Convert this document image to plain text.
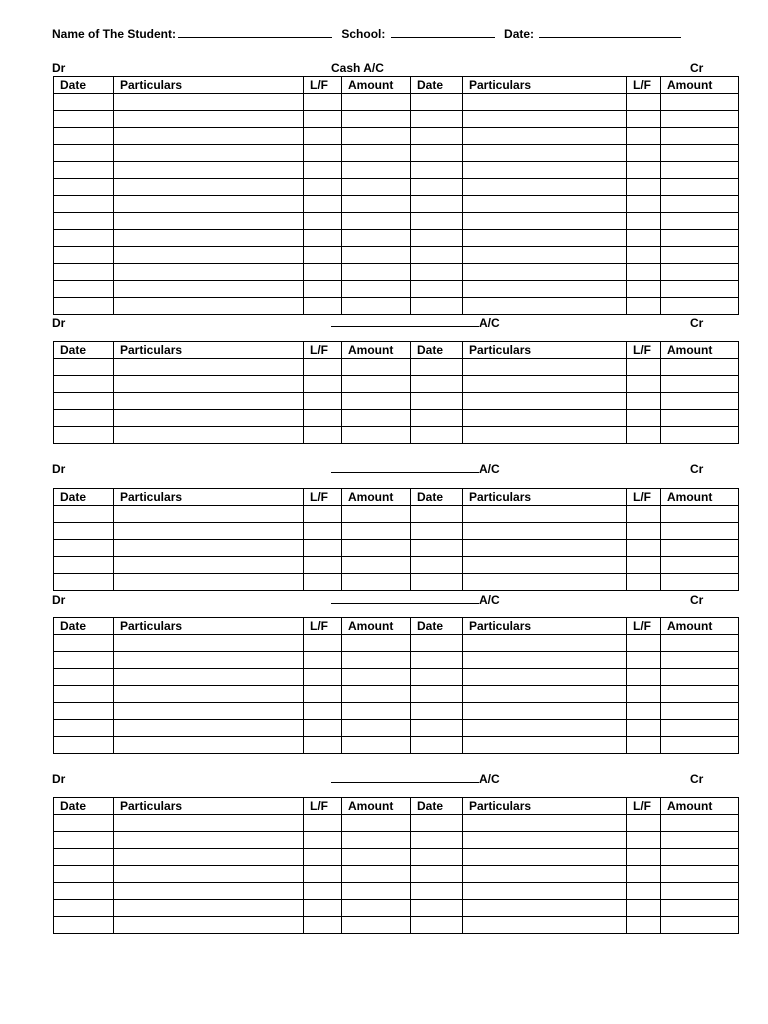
Name of The Student:	School:	Date:
Dr	Cash A/C	Cr
Date	Particulars	L/F	Amount	Date	Particulars	L/F	Amount

Dr	A/C	Cr
Date	Particulars	L/F	Amount	Date	Particulars	L/F	Amount

Dr	A/C	Cr
Date	Particulars	L/F	Amount	Date	Particulars	L/F	Amount

Dr	A/C	Cr
Date	Particulars	L/F	Amount	Date	Particulars	L/F	Amount

Dr	A/C	Cr
Date	Particulars	L/F	Amount	Date	Particulars	L/F	Amount
